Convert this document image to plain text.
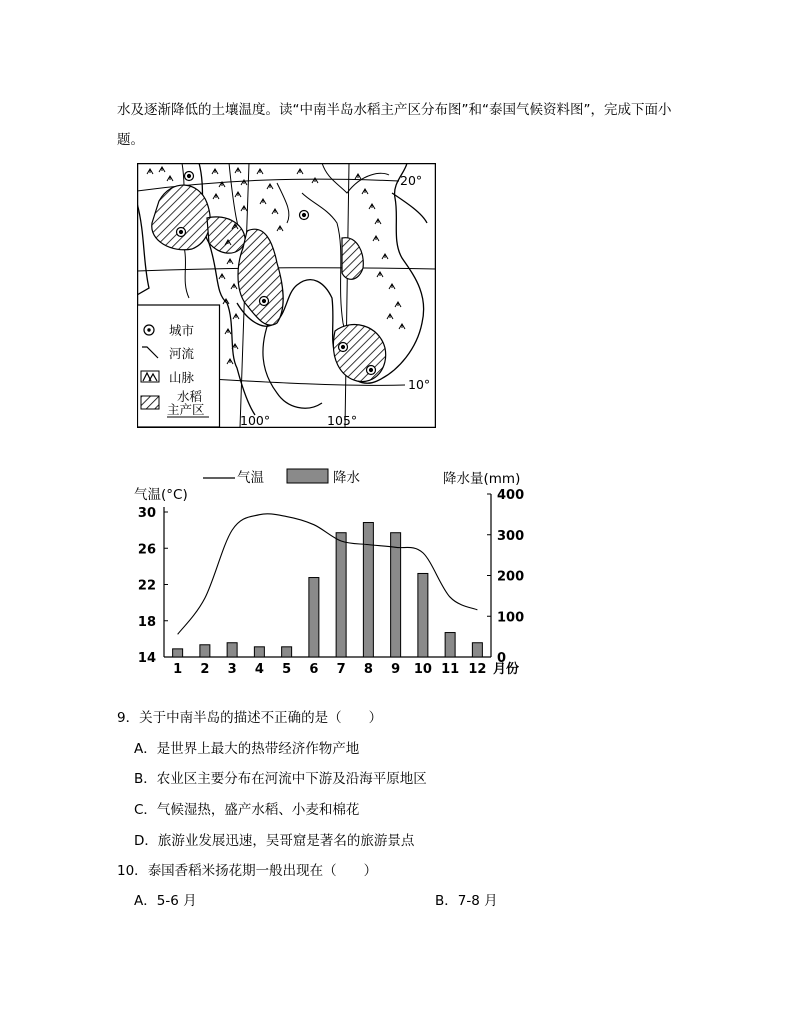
水及逐渐降低的土壤温度。读“中南半岛水稻主产区分布图”和“泰国气候资料图”，完成下面小题。
20°
10°
100°	105°
城市
河流
山脉
水稻
主产区
气温	降水	降水量(mm)
气温(°C)
30
26
22
18
14
400
300
200
100
0
1 2 3 4 5 6 7 8 9 10 11 12 月份
9．关于中南半岛的描述不正确的是（　　）
A．是世界上最大的热带经济作物产地
B．农业区主要分布在河流中下游及沿海平原地区
C．气候湿热，盛产水稻、小麦和棉花
D．旅游业发展迅速，吴哥窟是著名的旅游景点
10．泰国香稻米扬花期一般出现在（　　）
A．5-6 月	B．7-8 月
